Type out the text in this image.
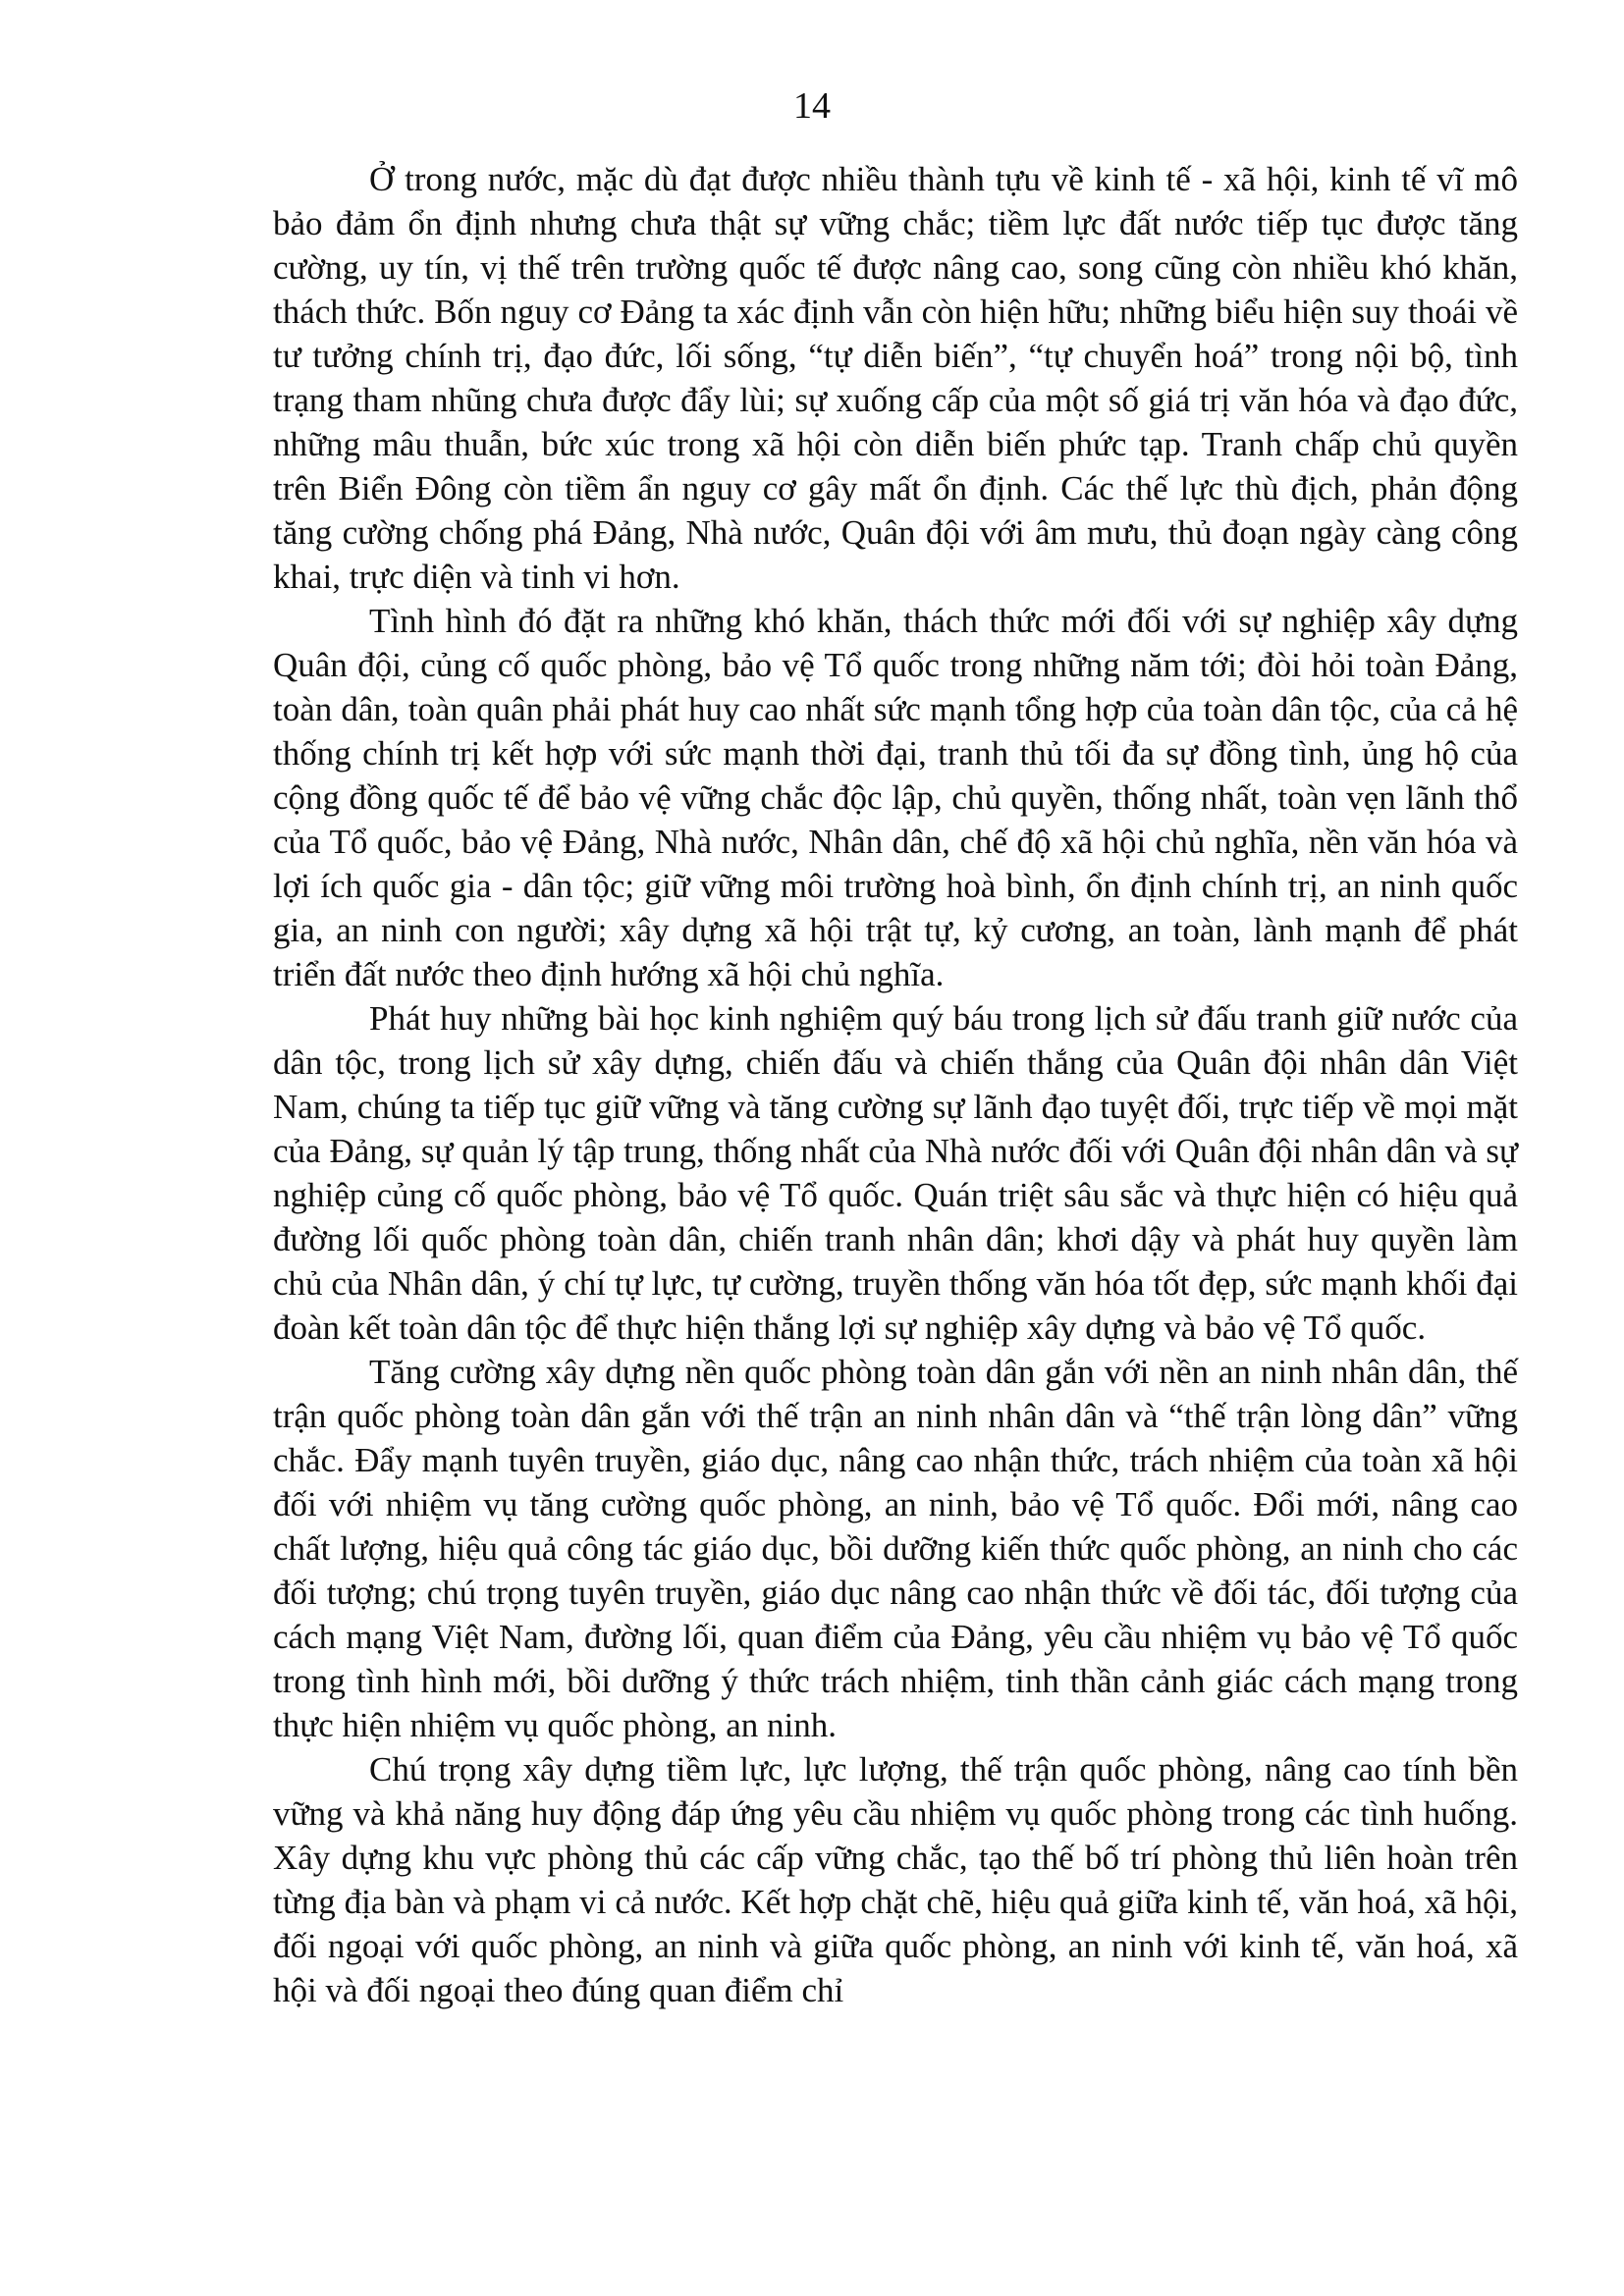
14

Ở trong nước, mặc dù đạt được nhiều thành tựu về kinh tế - xã hội, kinh tế vĩ mô bảo đảm ổn định nhưng chưa thật sự vững chắc; tiềm lực đất nước tiếp tục được tăng cường, uy tín, vị thế trên trường quốc tế được nâng cao, song cũng còn nhiều khó khăn, thách thức. Bốn nguy cơ Đảng ta xác định vẫn còn hiện hữu; những biểu hiện suy thoái về tư tưởng chính trị, đạo đức, lối sống, “tự diễn biến”, “tự chuyển hoá” trong nội bộ, tình trạng tham nhũng chưa được đẩy lùi; sự xuống cấp của một số giá trị văn hóa và đạo đức, những mâu thuẫn, bức xúc trong xã hội còn diễn biến phức tạp. Tranh chấp chủ quyền trên Biển Đông còn tiềm ẩn nguy cơ gây mất ổn định. Các thế lực thù địch, phản động tăng cường chống phá Đảng, Nhà nước, Quân đội với âm mưu, thủ đoạn ngày càng công khai, trực diện và tinh vi hơn.

Tình hình đó đặt ra những khó khăn, thách thức mới đối với sự nghiệp xây dựng Quân đội, củng cố quốc phòng, bảo vệ Tổ quốc trong những năm tới; đòi hỏi toàn Đảng, toàn dân, toàn quân phải phát huy cao nhất sức mạnh tổng hợp của toàn dân tộc, của cả hệ thống chính trị kết hợp với sức mạnh thời đại, tranh thủ tối đa sự đồng tình, ủng hộ của cộng đồng quốc tế để bảo vệ vững chắc độc lập, chủ quyền, thống nhất, toàn vẹn lãnh thổ của Tổ quốc, bảo vệ Đảng, Nhà nước, Nhân dân, chế độ xã hội chủ nghĩa, nền văn hóa và lợi ích quốc gia - dân tộc; giữ vững môi trường hoà bình, ổn định chính trị, an ninh quốc gia, an ninh con người; xây dựng xã hội trật tự, kỷ cương, an toàn, lành mạnh để phát triển đất nước theo định hướng xã hội chủ nghĩa.

Phát huy những bài học kinh nghiệm quý báu trong lịch sử đấu tranh giữ nước của dân tộc, trong lịch sử xây dựng, chiến đấu và chiến thắng của Quân đội nhân dân Việt Nam, chúng ta tiếp tục giữ vững và tăng cường sự lãnh đạo tuyệt đối, trực tiếp về mọi mặt của Đảng, sự quản lý tập trung, thống nhất của Nhà nước đối với Quân đội nhân dân và sự nghiệp củng cố quốc phòng, bảo vệ Tổ quốc. Quán triệt sâu sắc và thực hiện có hiệu quả đường lối quốc phòng toàn dân, chiến tranh nhân dân; khơi dậy và phát huy quyền làm chủ của Nhân dân, ý chí tự lực, tự cường, truyền thống văn hóa tốt đẹp, sức mạnh khối đại đoàn kết toàn dân tộc để thực hiện thắng lợi sự nghiệp xây dựng và bảo vệ Tổ quốc.

Tăng cường xây dựng nền quốc phòng toàn dân gắn với nền an ninh nhân dân, thế trận quốc phòng toàn dân gắn với thế trận an ninh nhân dân và “thế trận lòng dân” vững chắc. Đẩy mạnh tuyên truyền, giáo dục, nâng cao nhận thức, trách nhiệm của toàn xã hội đối với nhiệm vụ tăng cường quốc phòng, an ninh, bảo vệ Tổ quốc. Đổi mới, nâng cao chất lượng, hiệu quả công tác giáo dục, bồi dưỡng kiến thức quốc phòng, an ninh cho các đối tượng; chú trọng tuyên truyền, giáo dục nâng cao nhận thức về đối tác, đối tượng của cách mạng Việt Nam, đường lối, quan điểm của Đảng, yêu cầu nhiệm vụ bảo vệ Tổ quốc trong tình hình mới, bồi dưỡng ý thức trách nhiệm, tinh thần cảnh giác cách mạng trong thực hiện nhiệm vụ quốc phòng, an ninh.

Chú trọng xây dựng tiềm lực, lực lượng, thế trận quốc phòng, nâng cao tính bền vững và khả năng huy động đáp ứng yêu cầu nhiệm vụ quốc phòng trong các tình huống. Xây dựng khu vực phòng thủ các cấp vững chắc, tạo thế bố trí phòng thủ liên hoàn trên từng địa bàn và phạm vi cả nước. Kết hợp chặt chẽ, hiệu quả giữa kinh tế, văn hoá, xã hội, đối ngoại với quốc phòng, an ninh và giữa quốc phòng, an ninh với kinh tế, văn hoá, xã hội và đối ngoại theo đúng quan điểm chỉ
